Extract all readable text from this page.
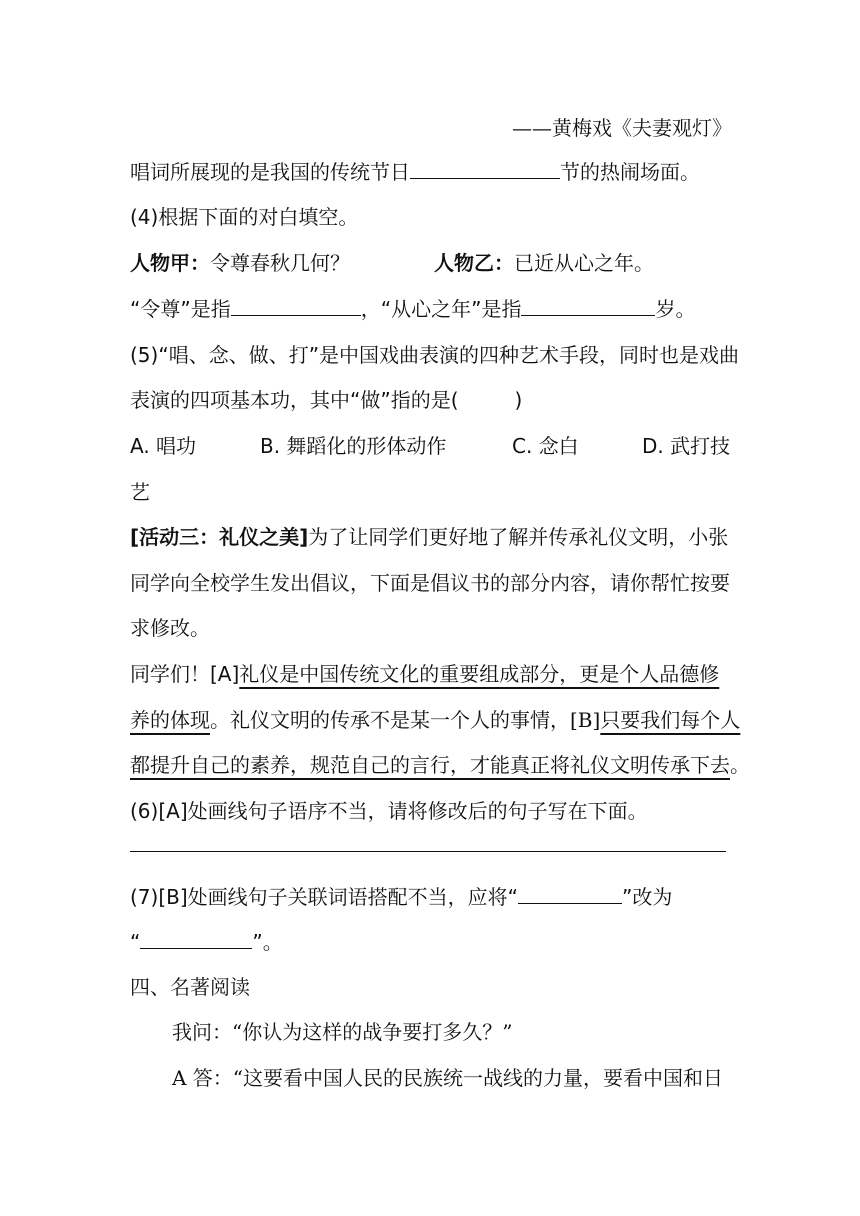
——黄梅戏《夫妻观灯》
唱词所展现的是我国的传统节日	节的热闹场面。
(4)根据下面的对白填空。
人物甲：令尊春秋几何？	人物乙：已近从心之年。
“令尊”是指	，“从心之年”是指	岁。
(5)“唱、念、做、打”是中国戏曲表演的四种艺术手段，同时也是戏曲
表演的四项基本功，其中“做”指的是(	)
A. 唱功	B. 舞蹈化的形体动作	C. 念白	D. 武打技
艺
[活动三：礼仪之美]为了让同学们更好地了解并传承礼仪文明，小张
同学向全校学生发出倡议，下面是倡议书的部分内容，请你帮忙按要
求修改。
同学们！[A]礼仪是中国传统文化的重要组成部分，更是个人品德修
养的体现。礼仪文明的传承不是某一个人的事情，[B]只要我们每个人
都提升自己的素养，规范自己的言行，才能真正将礼仪文明传承下去。
(6)[A]处画线句子语序不当，请将修改后的句子写在下面。
(7)[B]处画线句子关联词语搭配不当，应将“	”改为
“	”。
四、名著阅读
我问：“你认为这样的战争要打多久？”
A 答：“这要看中国人民的民族统一战线的力量，要看中国和日
